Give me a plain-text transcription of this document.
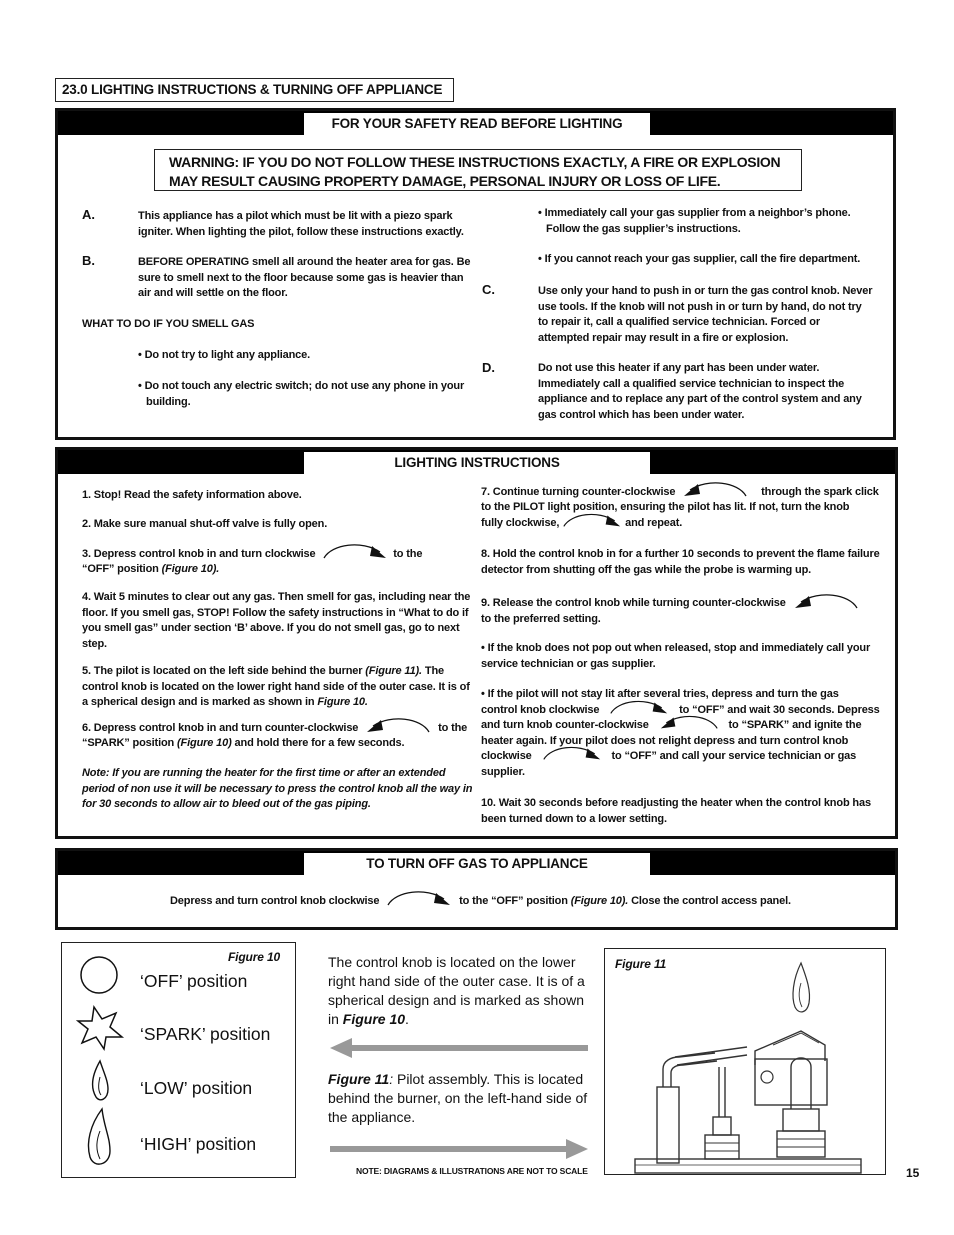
23.0 LIGHTING INSTRUCTIONS & TURNING OFF APPLIANCE
FOR YOUR SAFETY READ BEFORE LIGHTING
WARNING: IF YOU DO NOT FOLLOW THESE INSTRUCTIONS EXACTLY, A FIRE OR EXPLOSION MAY RESULT CAUSING PROPERTY DAMAGE, PERSONAL INJURY OR LOSS OF LIFE.
A.	This appliance has a pilot which must be lit with a piezo spark igniter. When lighting the pilot, follow these instructions exactly.
B.	BEFORE OPERATING smell all around the heater area for gas. Be sure to smell next to the floor because some gas is heavier than air and will settle on the floor.
WHAT TO DO IF YOU SMELL GAS
• Do not try to light any appliance.
• Do not touch any electric switch; do not use any phone in your building.
• Immediately call your gas supplier from a neighbor’s phone. Follow the gas supplier’s instructions.
• If you cannot reach your gas supplier, call the fire department.
C.	Use only your hand to push in or turn the gas control knob. Never use tools. If the knob will not push in or turn by hand, do not try to repair it, call a qualified service technician. Forced or attempted repair may result in a fire or explosion.
D.	Do not use this heater if any part has been under water. Immediately call a qualified service technician to inspect the appliance and to replace any part of the control system and any gas control which has been under water.
LIGHTING INSTRUCTIONS
1. Stop! Read the safety information above.
2. Make sure manual shut-off valve is fully open.
3. Depress control knob in and turn clockwise	to the
“OFF” position (Figure 10).
4. Wait 5 minutes to clear out any gas. Then smell for gas, including near the floor. If you smell gas, STOP! Follow the safety instructions in “What to do if you smell gas” under section ‘B’ above. If you do not smell gas, go to next step.
5. The pilot is located on the left side behind the burner (Figure 11). The control knob is located on the lower right hand side of the outer case. It is of a spherical design and is marked as shown in Figure 10.
6. Depress control knob in and turn counter-clockwise	to the
“SPARK” position (Figure 10) and hold there for a few seconds.
Note: If you are running the heater for the first time or after an extended period of non use it will be necessary to press the control knob all the way in for 30 seconds to allow air to bleed out of the gas piping.
7. Continue turning counter-clockwise	through the spark click
to the PILOT light position, ensuring the pilot has lit. If not, turn the knob
fully clockwise,	and repeat.
8. Hold the control knob in for a further 10 seconds to prevent the flame failure detector from shutting off the gas while the probe is warming up.
9. Release the control knob while turning counter-clockwise
to the preferred setting.
• If the knob does not pop out when released, stop and immediately call your service technician or gas supplier.
• If the pilot will not stay lit after several tries, depress and turn the gas
control knob clockwise	to “OFF” and wait 30 seconds. Depress
and turn knob counter-clockwise	to “SPARK” and ignite the
heater again. If your pilot does not relight depress and turn control knob
clockwise	to “OFF” and call your service technician or gas
supplier.
10. Wait 30 seconds before readjusting the heater when the control knob has been turned down to a lower setting.
TO TURN OFF GAS TO APPLIANCE
Depress and turn control knob clockwise	to the “OFF” position (Figure 10). Close the control access panel.
Figure 10
‘OFF’ position
‘SPARK’ position
‘LOW’ position
‘HIGH’ position
The control knob is located on the lower right hand side of the outer case. It is of a spherical design and is marked as shown in Figure 10.
Figure 11: Pilot assembly. This is located behind the burner, on the left-hand side of the appliance.
NOTE: DIAGRAMS & ILLUSTRATIONS ARE NOT TO SCALE
Figure 11
15
